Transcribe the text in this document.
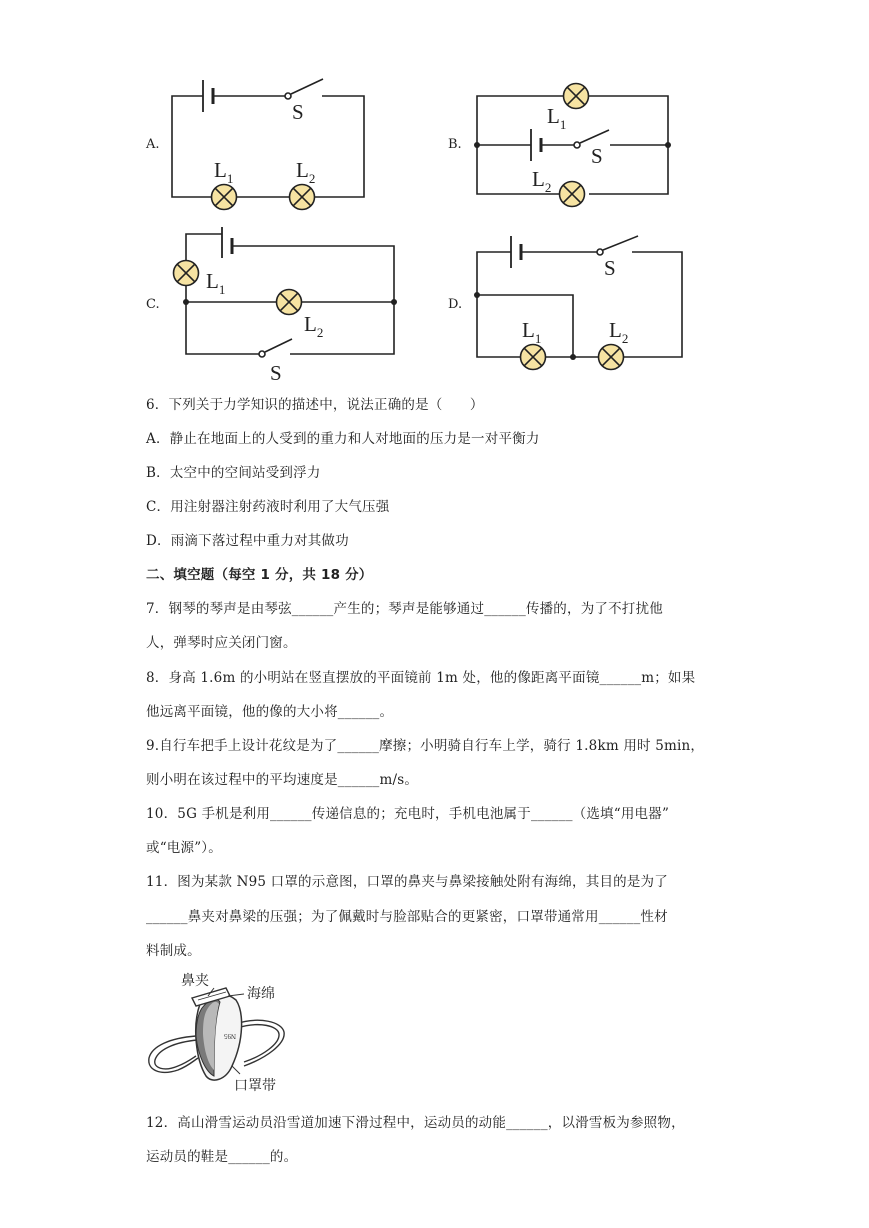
A.	B.
C.	D.
S
$L_1$	$L_2$
S
$L_1$
$L_2$
S
$L_1$
$L_2$
S
$L_1$	$L_2$
6．下列关于力学知识的描述中，说法正确的是（　　）
A．静止在地面上的人受到的重力和人对地面的压力是一对平衡力
B．太空中的空间站受到浮力
C．用注射器注射药液时利用了大气压强
D．雨滴下落过程中重力对其做功
二、填空题（每空 1 分，共 18 分）
7．钢琴的琴声是由琴弦______产生的；琴声是能够通过______传播的，为了不打扰他
人，弹琴时应关闭门窗。
8．身高 1.6m 的小明站在竖直摆放的平面镜前 1m 处，他的像距离平面镜______m；如果
他远离平面镜，他的像的大小将______。
9.自行车把手上设计花纹是为了______摩擦；小明骑自行车上学，骑行 1.8km 用时 5min，
则小明在该过程中的平均速度是______m/s。
10．5G 手机是利用______传递信息的；充电时，手机电池属于______（选填“用电器”
或“电源”）。
11．图为某款 N95 口罩的示意图，口罩的鼻夹与鼻梁接触处附有海绵，其目的是为了
______鼻夹对鼻梁的压强；为了佩戴时与脸部贴合的更紧密，口罩带通常用______性材
料制成。
N95
鼻夹
海绵
口罩带
12．高山滑雪运动员沿雪道加速下滑过程中，运动员的动能______，以滑雪板为参照物，
运动员的鞋是______的。
